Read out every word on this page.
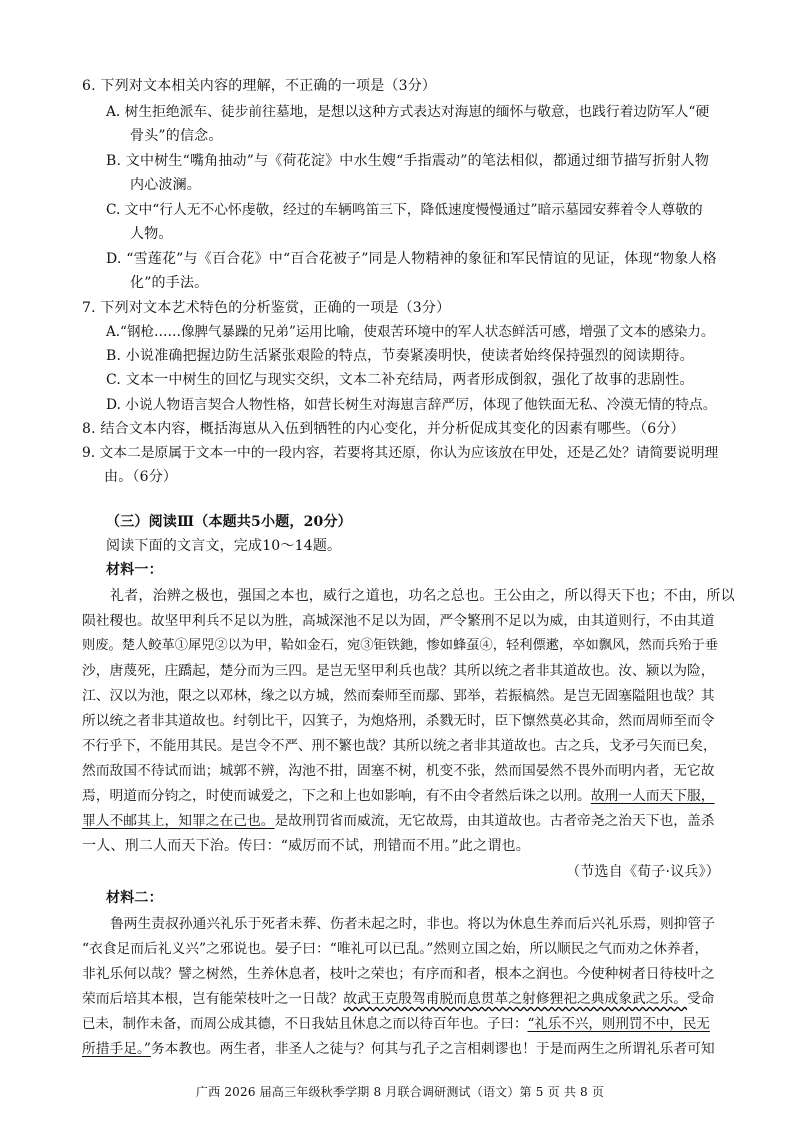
6. 下列对文本相关内容的理解，不正确的一项是（3分）
A. 树生拒绝派车、徒步前往墓地，是想以这种方式表达对海崽的缅怀与敬意，也践行着边防军人“硬
骨头”的信念。
B. 文中树生“嘴角抽动”与《荷花淀》中水生嫂“手指震动”的笔法相似，都通过细节描写折射人物
内心波澜。
C. 文中“行人无不心怀虔敬，经过的车辆鸣笛三下，降低速度慢慢通过”暗示墓园安葬着令人尊敬的
人物。
D. “雪莲花”与《百合花》中“百合花被子”同是人物精神的象征和军民情谊的见证，体现“物象人格
化”的手法。
7. 下列对文本艺术特色的分析鉴赏，正确的一项是（3分）
A.“钢枪……像脾气暴躁的兄弟”运用比喻，使艰苦环境中的军人状态鲜活可感，增强了文本的感染力。
B. 小说准确把握边防生活紧张艰险的特点，节奏紧凑明快，使读者始终保持强烈的阅读期待。
C. 文本一中树生的回忆与现实交织，文本二补充结局，两者形成倒叙，强化了故事的悲剧性。
D. 小说人物语言契合人物性格，如营长树生对海崽言辞严厉，体现了他铁面无私、冷漠无情的特点。
8. 结合文本内容，概括海崽从入伍到牺牲的内心变化，并分析促成其变化的因素有哪些。（6分）
9. 文本二是原属于文本一中的一段内容，若要将其还原，你认为应该放在甲处，还是乙处？请简要说明理
由。（6分）
（三）阅读Ⅲ（本题共5小题，20分）
阅读下面的文言文，完成10～14题。
材料一：
礼者，治辨之极也，强国之本也，威行之道也，功名之总也。王公由之，所以得天下也；不由，所以
陨社稷也。故坚甲利兵不足以为胜，高城深池不足以为固，严令繁刑不足以为威，由其道则行，不由其道
则废。楚人鲛革①犀兕②以为甲，鞈如金石，宛③钜铁釶，惨如蜂虿④，轻利僄遬，卒如飘风，然而兵殆于垂
沙，唐蔑死，庄蹻起，楚分而为三四。是岂无坚甲利兵也哉？其所以统之者非其道故也。汝、颍以为险，
江、汉以为池，限之以邓林，缘之以方城，然而秦师至而鄢、郢举，若振槁然。是岂无固塞隘阻也哉？其
所以统之者非其道故也。纣刳比干，囚箕子，为炮烙刑，杀戮无时，臣下懔然莫必其命，然而周师至而令
不行乎下，不能用其民。是岂令不严、刑不繁也哉？其所以统之者非其道故也。古之兵，戈矛弓矢而已矣，
然而敌国不待试而诎；城郭不辨，沟池不拑，固塞不树，机变不张，然而国晏然不畏外而明内者，无它故
焉，明道而分钧之，时使而诚爱之，下之和上也如影响，有不由令者然后诛之以刑。故刑一人而天下服，
罪人不邮其上，知罪之在己也。是故刑罚省而威流，无它故焉，由其道故也。古者帝尧之治天下也，盖杀
一人、刑二人而天下治。传曰：“威厉而不试，刑错而不用。”此之谓也。
（节选自《荀子·议兵》）
材料二：
鲁两生责叔孙通兴礼乐于死者未葬、伤者未起之时，非也。将以为休息生养而后兴礼乐焉，则抑管子
“衣食足而后礼义兴”之邪说也。晏子曰：“唯礼可以已乱。”然则立国之始，所以顺民之气而劝之休养者，
非礼乐何以哉？譬之树然，生养休息者，枝叶之荣也；有序而和者，根本之润也。今使种树者日待枝叶之
荣而后培其本根，岂有能荣枝叶之一日哉？故武王克殷驾甫脱而息贯革之射修狸祀之典成象武之乐。受命
已未，制作未备，而周公成其德，不日我姑且休息之而以待百年也。子曰：“礼乐不兴，则刑罚不中，民无
所措手足。”务本教也。两生者，非圣人之徒与？何其与孔子之言相刺谬也！于是而两生之所谓礼乐者可知
广西 2026 届高三年级秋季学期 8 月联合调研测试（语文）第 5 页 共 8 页
